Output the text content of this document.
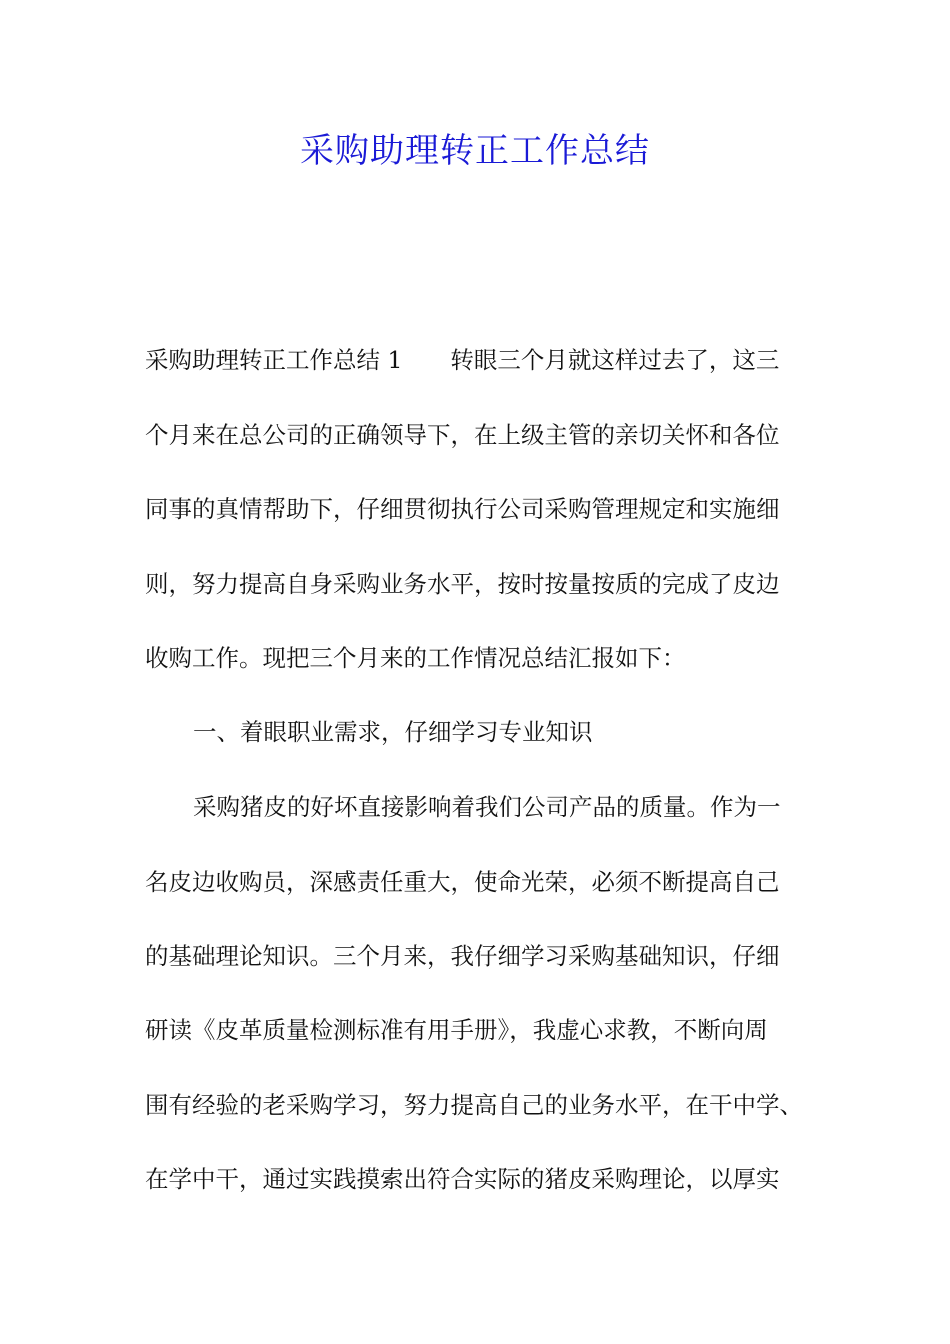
采购助理转正工作总结
采购助理转正工作总结 1 转眼三个月就这样过去了，这三
个月来在总公司的正确领导下，在上级主管的亲切关怀和各位
同事的真情帮助下，仔细贯彻执行公司采购管理规定和实施细
则，努力提高自身采购业务水平，按时按量按质的完成了皮边
收购工作。现把三个月来的工作情况总结汇报如下：
一、着眼职业需求，仔细学习专业知识
采购猪皮的好坏直接影响着我们公司产品的质量。作为一
名皮边收购员，深感责任重大，使命光荣，必须不断提高自己
的基础理论知识。三个月来，我仔细学习采购基础知识，仔细
研读《皮革质量检测标准有用手册》，我虚心求教，不断向周
围有经验的老采购学习，努力提高自己的业务水平，在干中学、
在学中干，通过实践摸索出符合实际的猪皮采购理论，以厚实
